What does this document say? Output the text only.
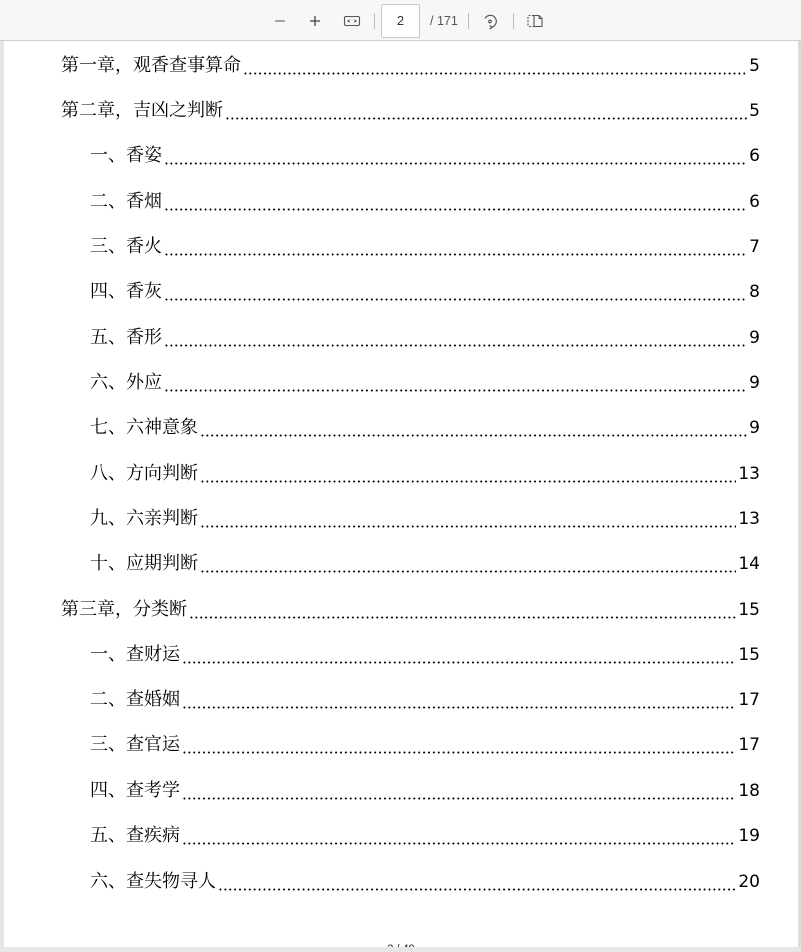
2
/ 171
第一章，观香查事算命	5
第二章，吉凶之判断	5
一、香姿	6
二、香烟	6
三、香火	7
四、香灰	8
五、香形	9
六、外应	9
七、六神意象	9
八、方向判断	13
九、六亲判断	13
十、应期判断	14
第三章，分类断	15
一、查财运	15
二、查婚姻	17
三、查官运	17
四、查考学	18
五、查疾病	19
六、查失物寻人	20
